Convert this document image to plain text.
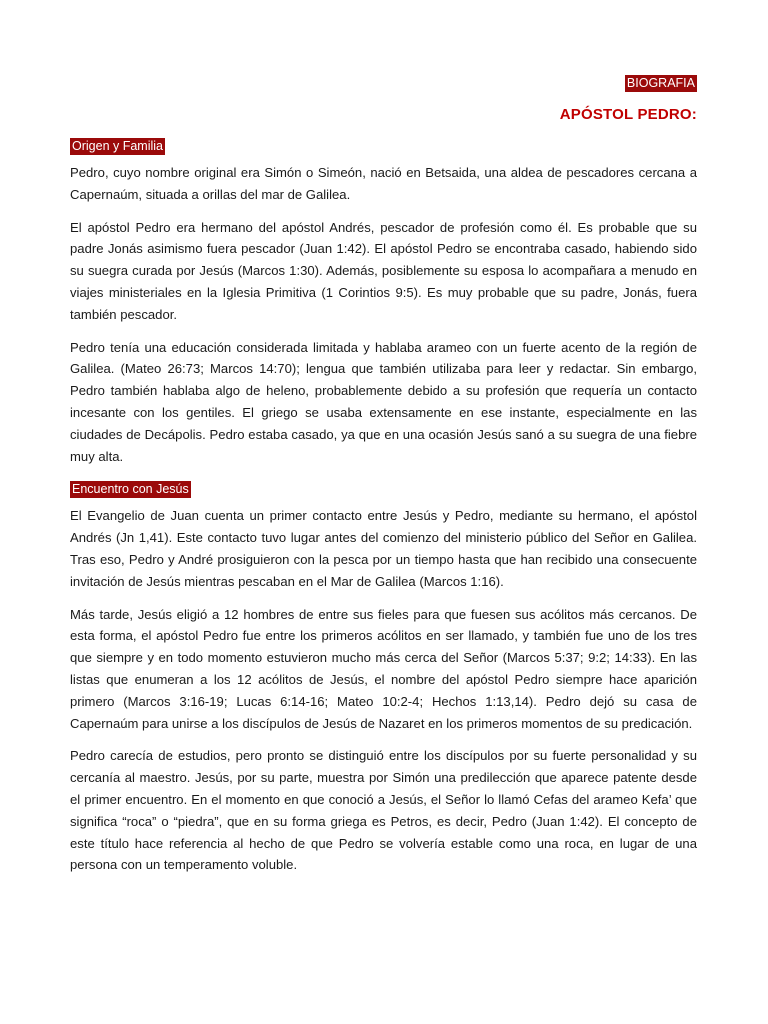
BIOGRAFIA
APÓSTOL PEDRO:
Origen y Familia

Pedro, cuyo nombre original era Simón o Simeón, nació en Betsaida, una aldea de pescadores cercana a Capernaúm, situada a orillas del mar de Galilea.

El apóstol Pedro era hermano del apóstol Andrés, pescador de profesión como él. Es probable que su padre Jonás asimismo fuera pescador (Juan 1:42). El apóstol Pedro se encontraba casado, habiendo sido su suegra curada por Jesús (Marcos 1:30). Además, posiblemente su esposa lo acompañara a menudo en viajes ministeriales en la Iglesia Primitiva (1 Corintios 9:5). Es muy probable que su padre, Jonás, fuera también pescador.

Pedro tenía una educación considerada limitada y hablaba arameo con un fuerte acento de la región de Galilea. (Mateo 26:73; Marcos 14:70); lengua que también utilizaba para leer y redactar. Sin embargo, Pedro también hablaba algo de heleno, probablemente debido a su profesión que requería un contacto incesante con los gentiles. El griego se usaba extensamente en ese instante, especialmente en las ciudades de Decápolis. Pedro estaba casado, ya que en una ocasión Jesús sanó a su suegra de una fiebre muy alta.

Encuentro con Jesús

El Evangelio de Juan cuenta un primer contacto entre Jesús y Pedro, mediante su hermano, el apóstol Andrés (Jn 1,41). Este contacto tuvo lugar antes del comienzo del ministerio público del Señor en Galilea. Tras eso, Pedro y André prosiguieron con la pesca por un tiempo hasta que han recibido una consecuente invitación de Jesús mientras pescaban en el Mar de Galilea (Marcos 1:16).

Más tarde, Jesús eligió a 12 hombres de entre sus fieles para que fuesen sus acólitos más cercanos. De esta forma, el apóstol Pedro fue entre los primeros acólitos en ser llamado, y también fue uno de los tres que siempre y en todo momento estuvieron mucho más cerca del Señor (Marcos 5:37; 9:2; 14:33). En las listas que enumeran a los 12 acólitos de Jesús, el nombre del apóstol Pedro siempre hace aparición primero (Marcos 3:16-19; Lucas 6:14-16; Mateo 10:2-4; Hechos 1:13,14). Pedro dejó su casa de Capernaúm para unirse a los discípulos de Jesús de Nazaret en los primeros momentos de su predicación.

Pedro carecía de estudios, pero pronto se distinguió entre los discípulos por su fuerte personalidad y su cercanía al maestro. Jesús, por su parte, muestra por Simón una predilección que aparece patente desde el primer encuentro. En el momento en que conoció a Jesús, el Señor lo llamó Cefas del arameo Kefa’ que significa “roca” o “piedra”, que en su forma griega es Petros, es decir, Pedro (Juan 1:42). El concepto de este título hace referencia al hecho de que Pedro se volvería estable como una roca, en lugar de una persona con un temperamento voluble.
